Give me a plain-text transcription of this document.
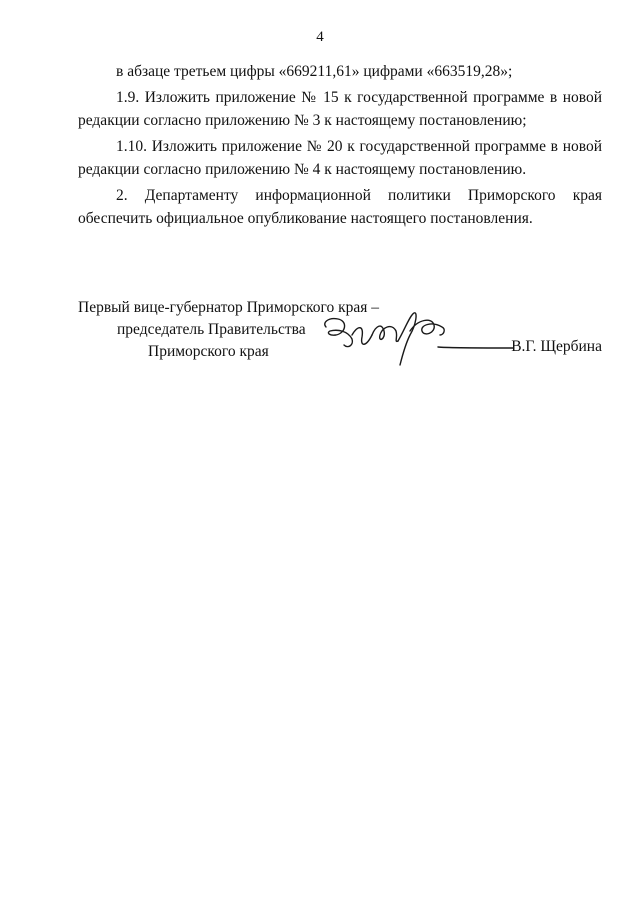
4

в абзаце третьем цифры «669211,61» цифрами «663519,28»;

1.9. Изложить приложение № 15 к государственной программе в новой редакции согласно приложению № 3 к настоящему постановлению;

1.10. Изложить приложение № 20 к государственной программе в новой редакции согласно приложению № 4 к настоящему постановлению.

2. Департаменту информационной политики Приморского края

обеспечить официальное опубликование настоящего постановления.

Первый вице-губернатор Приморского края –
председатель Правительства
Приморского края	В.Г. Щербина
